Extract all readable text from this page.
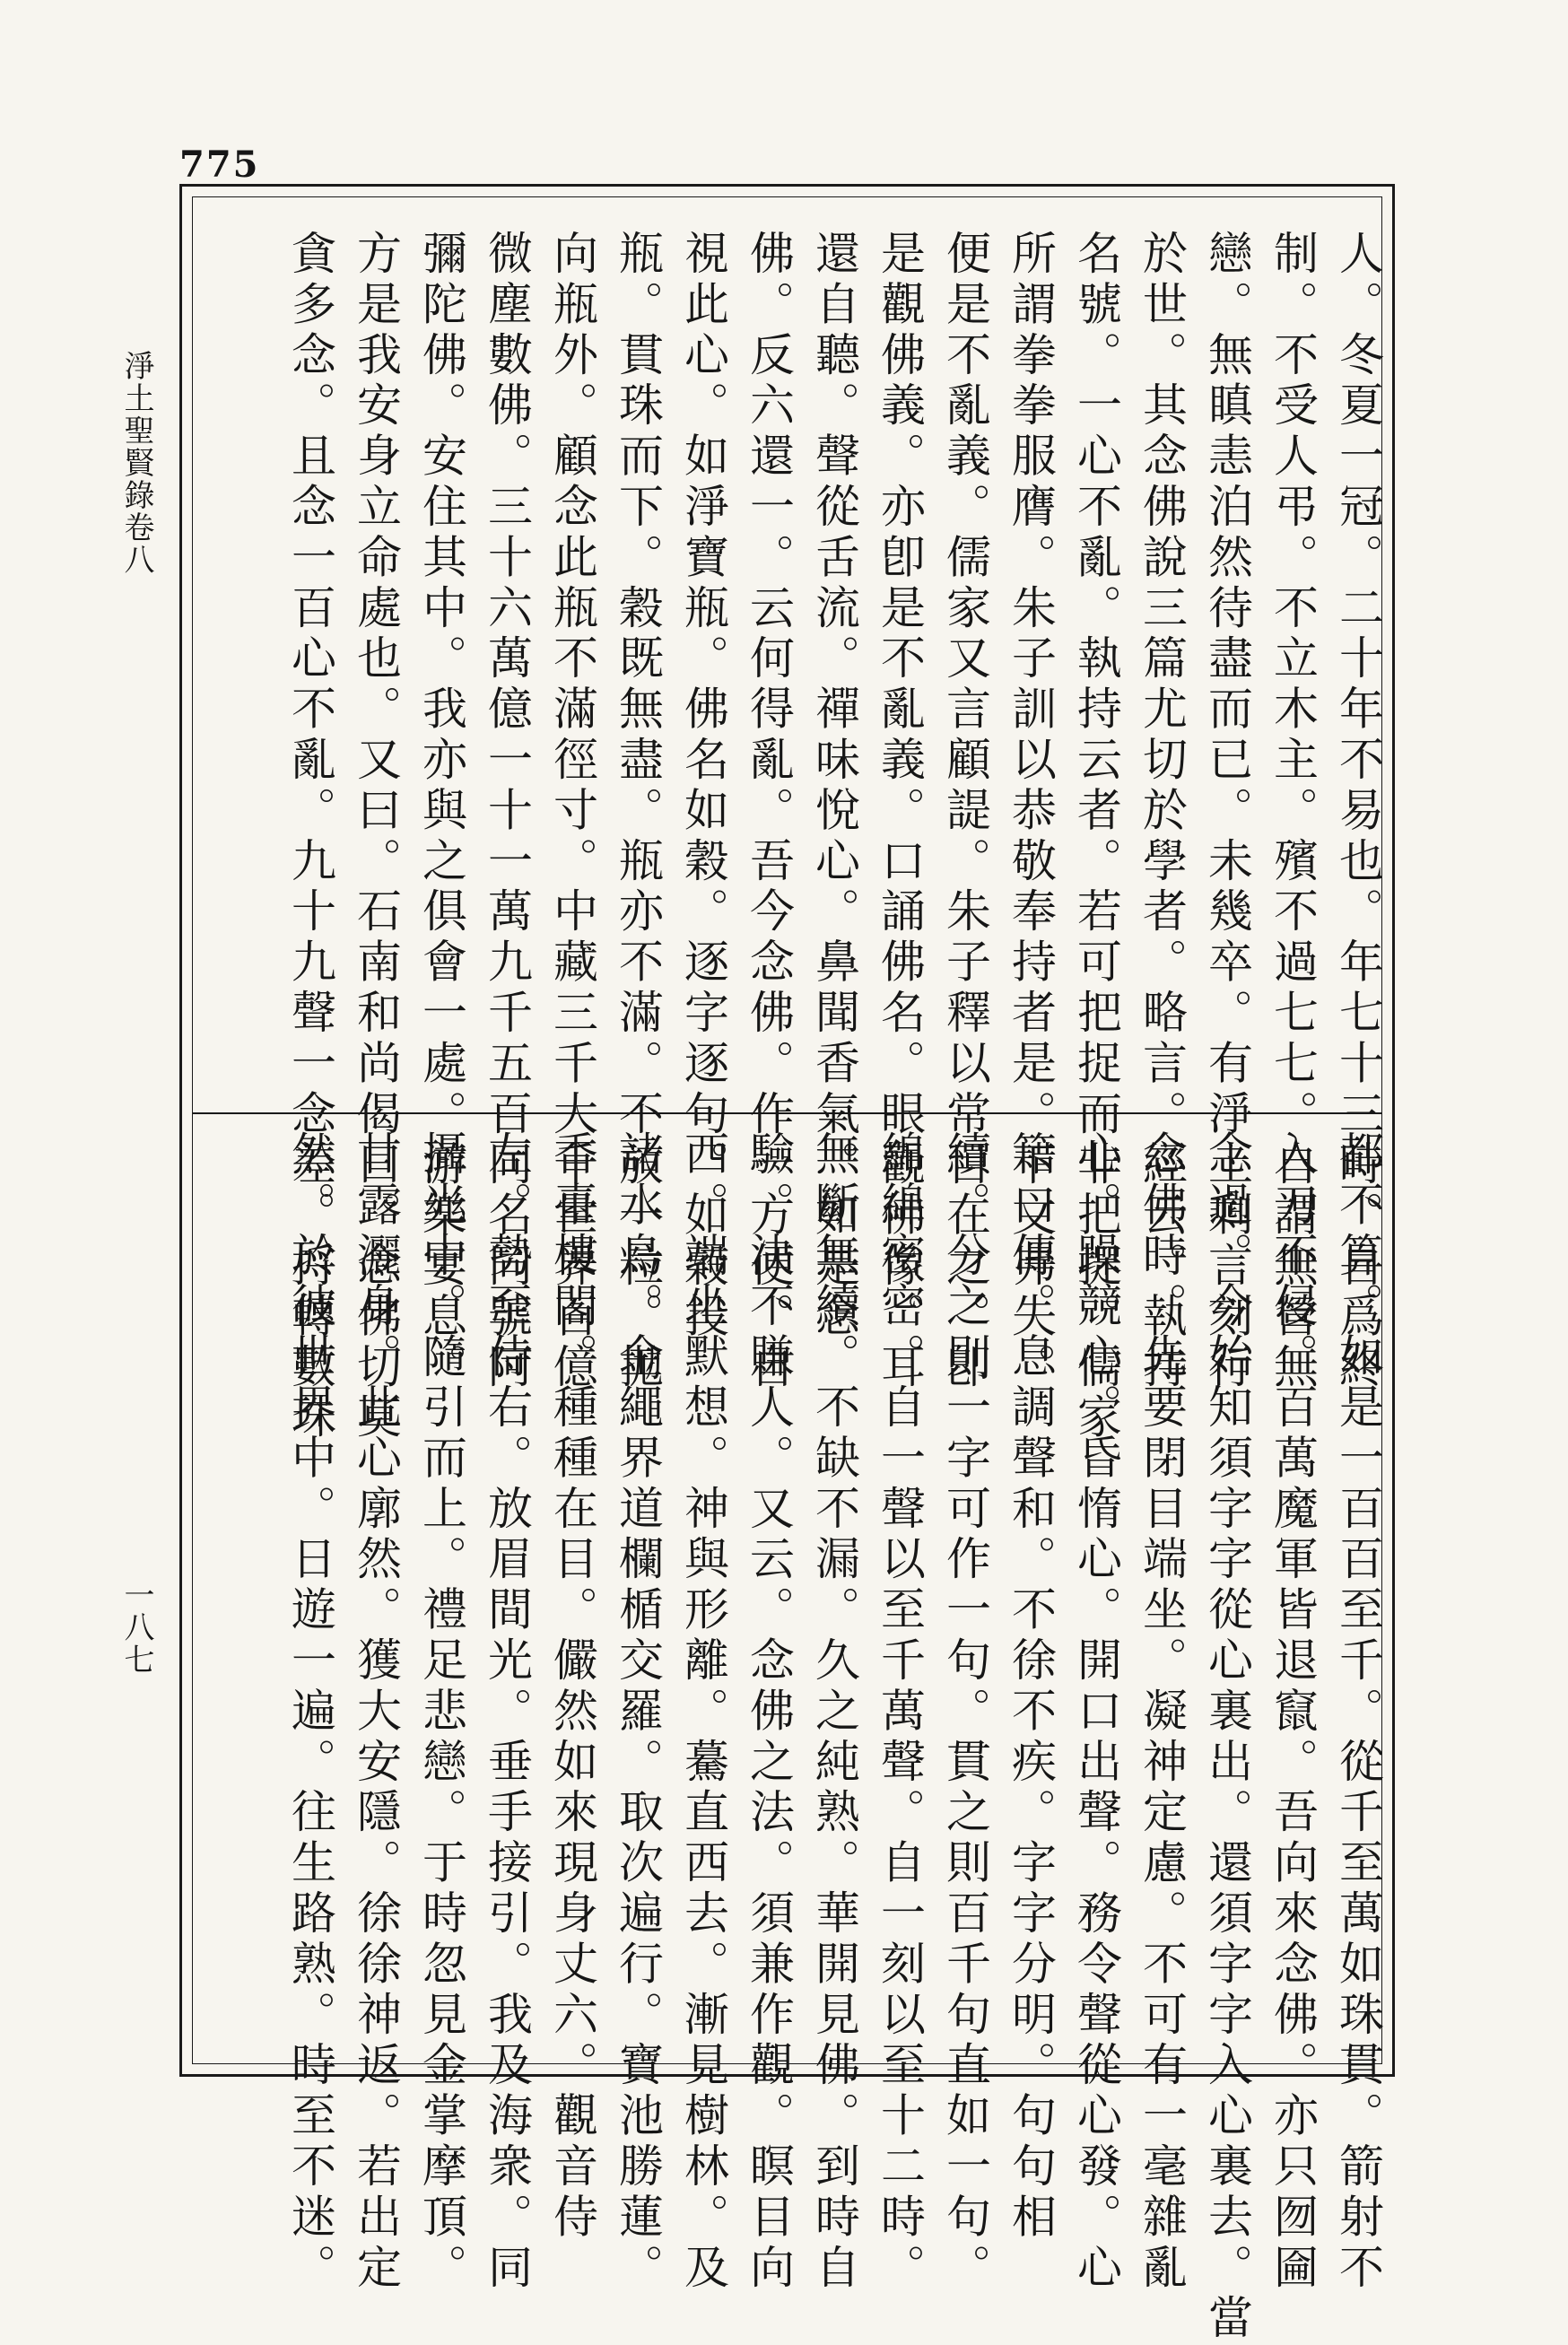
775
淨土聖賢錄卷八
一八七
人。冬夏一冠。二十年不易也。年七十三時。自爲終
制。不受人弔。不立木主。殯不過七七。自謂無營無
戀。無瞋恚泊然待盡而已。未幾卒。有淨土剩言刻行
於世。其念佛說三篇尤切於學者。略言。經云。執持
名號。一心不亂。執持云者。若可把捉而非把捉。儒家
所謂拳拳服膺。朱子訓以恭敬奉持者是。下文弗失。
便是不亂義。儒家又言顧諟。朱子釋以常目在之。卽
是觀佛義。亦卽是不亂義。口誦佛名。眼觀佛像。耳
還自聽。聲從舌流。禪味悅心。鼻聞香氣。如是念
佛。反六還一。云何得亂。吾今念佛。作一方便。自
視此心。如淨寶瓶。佛名如穀。逐字逐句。如穀投
瓶。貫珠而下。穀既無盡。瓶亦不滿。不放一粒。拋
向瓶外。顧念此瓶不滿徑寸。中藏三千大千世界百億
微塵數佛。三十六萬億一十一萬九千五百同名同號阿
彌陀佛。安住其中。我亦與之俱會一處。游樂宴息。
方是我安身立命處也。又曰。石南和尚偈曰。念佛切莫
貪多念。且念一百心不亂。九十九聲一念差。捋轉數珠
都不算。如是一百百至千。從千至萬如珠貫。箭射不
入刀不侵。百萬魔軍皆退竄。吾向來念佛。亦只囫圇
念過。今始知須字字從心裏出。還須字字入心裏去。當
念佛時。先要閉目端坐。凝神定慮。不可有一毫雜亂
心。躁競心。昏惰心。開口出聲。務令聲從心發。心
籍口傳。息調聲和。不徐不疾。字字分明。句句相
續。分之則一字可作一句。貫之則百千句直如一句。
綿綿密密。自一聲以至千萬聲。自一刻以至十二時。
無斷無續。不缺不漏。久之純熟。華開見佛。到時自
驗。決不賺人。又云。念佛之法。須兼作觀。瞑目向
西。端坐默想。神與形離。驀直西去。漸見樹林。及
諸水鳥。金繩界道欄楯交羅。取次遍行。寶池勝蓮。
香臺樓閣。種種在目。儼然如來現身丈六。觀音侍
左。勢至侍右。放眉間光。垂手接引。我及海衆。同
攝光中。隨引而上。禮足悲戀。于時忽見金掌摩頂。
甘露灑身。此心廓然。獲大安隱。徐徐神返。若出定
然。於彼世界中。日遊一遍。往生路熟。時至不迷。
